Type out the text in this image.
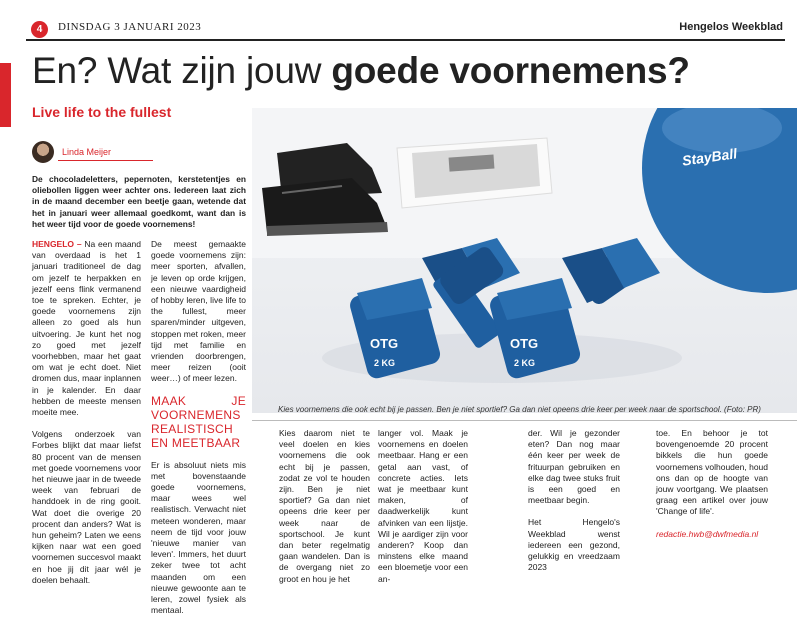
4	DINSDAG 3 JANUARI 2023	Hengelos Weekblad
En? Wat zijn jouw goede voornemens?
Live life to the fullest
Linda Meijer
De chocoladeletters, pepernoten, kerstetentjes en oliebollen liggen weer achter ons. Iedereen laat zich in de maand december een beetje gaan, wetende dat het in januari weer allemaal goedkomt, want dan is het weer tijd voor de goede voornemens!

HENGELO – Na een maand van overdaad is het 1 januari traditioneel de dag om jezelf te herpakken en jezelf eens flink vermanend toe te spreken. Echter, je goede voornemens zijn alleen zo goed als hun uitvoering. Je kunt het nog zo goed met jezelf voorhebben, maar het gaat om wat je echt doet. Niet dromen dus, maar inplannen in je kalender. En daar hebben de meeste mensen moeite mee.

Volgens onderzoek van Forbes blijkt dat maar liefst 80 procent van de mensen met goede voornemens voor het nieuwe jaar in de tweede week van februari de handdoek in de ring gooit. Wat doet die overige 20 procent dan anders? Wat is hun geheim? Laten we eens kijken naar wat een goed voornemen succesvol maakt en hoe jij dit jaar wél je doelen behaalt.

De meest gemaakte goede voornemens zijn: meer sporten, afvallen, je leven op orde krijgen, een nieuwe vaardigheid of hobby leren, live life to the fullest, meer sparen/minder uitgeven, stoppen met roken, meer tijd met familie en vrienden doorbrengen, meer reizen (ooit weer…) of meer lezen.

MAAK JE VOORNEMENS REALISTISCH EN MEETBAAR

Er is absoluut niets mis met bovenstaande goede voornemens, maar wees wel realistisch. Verwacht niet meteen wonderen, maar neem de tijd voor jouw 'nieuwe manier van leven'. Immers, het duurt zeker twee tot acht maanden om een nieuwe gewoonte aan te leren, zowel fysiek als mentaal.

StayBall
OTG
2 KG
OTG
2 KG
Kies voornemens die ook echt bij je passen. Ben je niet sportief? Ga dan niet opeens drie keer per week naar de sportschool. (Foto: PR)

Kies daarom niet te veel doelen en kies voornemens die ook echt bij je passen, zodat ze vol te houden zijn. Ben je niet sportief? Ga dan niet opeens drie keer per week naar de sportschool. Je kunt dan beter regelmatig gaan wandelen. Dan is de overgang niet zo groot en hou je het

langer vol. Maak je voornemens en doelen meetbaar. Hang er een getal aan vast, of concrete acties. Iets wat je meetbaar kunt maken, of daadwerkelijk kunt afvinken van een lijstje. Wil je aardiger zijn voor anderen? Koop dan minstens elke maand een bloemetje voor een an-

der. Wil je gezonder eten? Dan nog maar één keer per week de frituurpan gebruiken en elke dag twee stuks fruit is een goed en meetbaar begin.

Het Hengelo's Weekblad wenst iedereen een gezond, gelukkig en vreedzaam 2023

toe. En behoor je tot bovengenoemde 20 procent bikkels die hun goede voornemens volhouden, houd ons dan op de hoogte van jouw voortgang. We plaatsen graag een artikel over jouw 'Change of life'.

redactie.hwb@dwfmedia.nl
